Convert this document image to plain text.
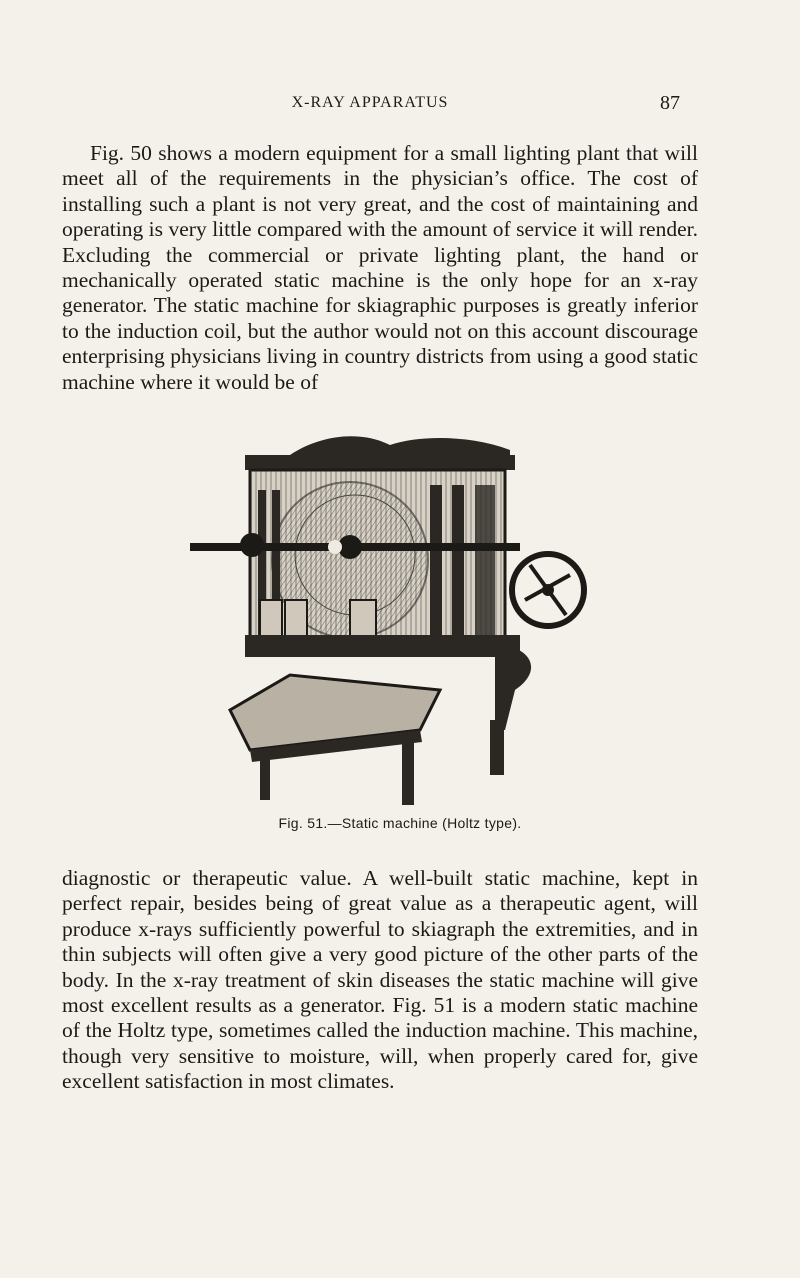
X-RAY APPARATUS	87

Fig. 50 shows a modern equipment for a small lighting plant that will meet all of the requirements in the physician’s office. The cost of installing such a plant is not very great, and the cost of maintaining and operating is very little compared with the amount of service it will render. Excluding the commercial or private lighting plant, the hand or mechanically operated static machine is the only hope for an x-ray generator. The static machine for skiagraphic purposes is greatly inferior to the induction coil, but the author would not on this account discourage enterprising physicians living in country districts from using a good static machine where it would be of

Fig. 51.—Static machine (Holtz type).

diagnostic or therapeutic value. A well-built static machine, kept in perfect repair, besides being of great value as a therapeutic agent, will produce x-rays sufficiently powerful to skiagraph the extremities, and in thin subjects will often give a very good picture of the other parts of the body. In the x-ray treatment of skin diseases the static machine will give most excellent results as a generator. Fig. 51 is a modern static machine of the Holtz type, sometimes called the induction machine. This machine, though very sensitive to moisture, will, when properly cared for, give excellent satisfaction in most climates.
